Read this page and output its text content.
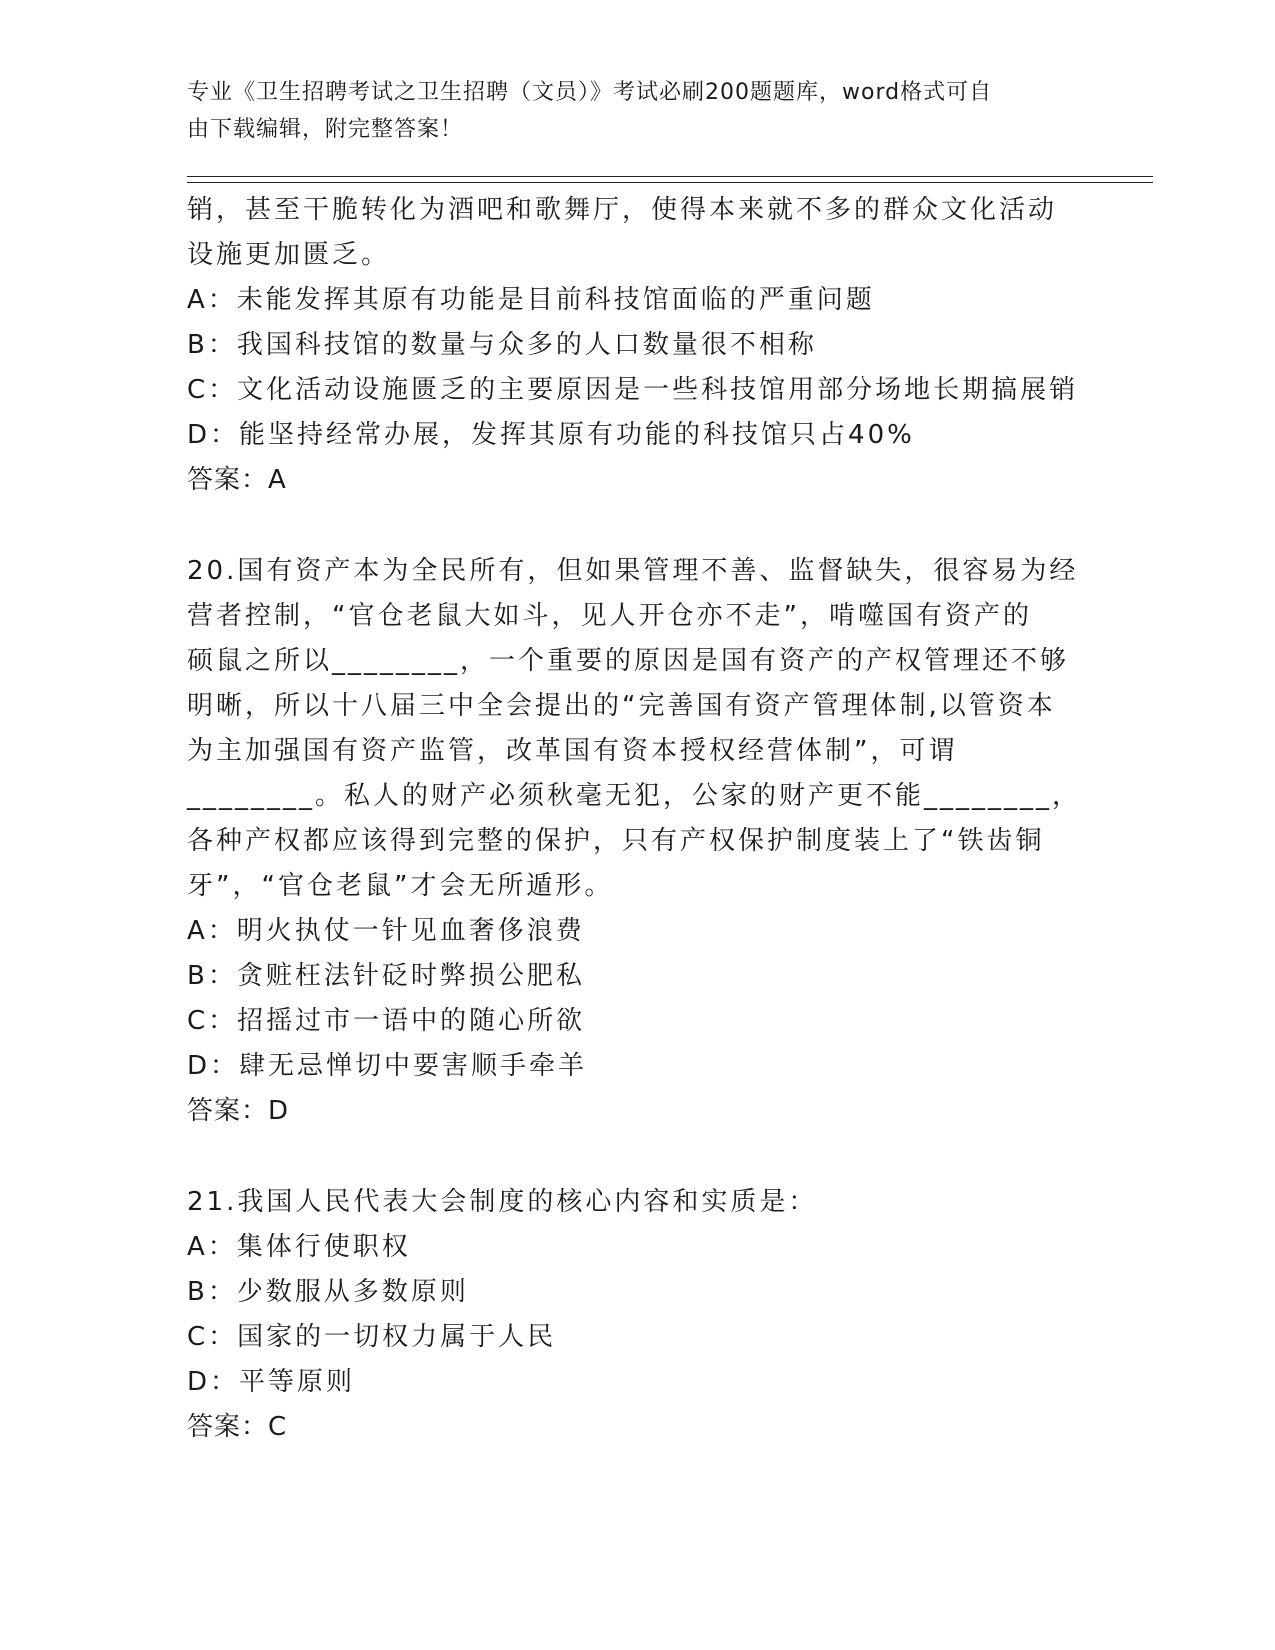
专业《卫生招聘考试之卫生招聘（文员）》考试必刷200题题库，word格式可自
由下载编辑，附完整答案！

销，甚至干脆转化为酒吧和歌舞厅，使得本来就不多的群众文化活动

设施更加匮乏。

A：未能发挥其原有功能是目前科技馆面临的严重问题

B：我国科技馆的数量与众多的人口数量很不相称

C：文化活动设施匮乏的主要原因是一些科技馆用部分场地长期搞展销

D：能坚持经常办展，发挥其原有功能的科技馆只占40%

答案：A

20.国有资产本为全民所有，但如果管理不善、监督缺失，很容易为经

营者控制，“官仓老鼠大如斗，见人开仓亦不走”，啃噬国有资产的

硕鼠之所以________，一个重要的原因是国有资产的产权管理还不够

明晰，所以十八届三中全会提出的“完善国有资产管理体制,以管资本

为主加强国有资产监管，改革国有资本授权经营体制”，可谓

________。私人的财产必须秋毫无犯，公家的财产更不能________，

各种产权都应该得到完整的保护，只有产权保护制度装上了“铁齿铜

牙”，“官仓老鼠”才会无所遁形。

A：明火执仗一针见血奢侈浪费

B：贪赃枉法针砭时弊损公肥私

C：招摇过市一语中的随心所欲

D：肆无忌惮切中要害顺手牵羊

答案：D

21.我国人民代表大会制度的核心内容和实质是：

A：集体行使职权

B：少数服从多数原则

C：国家的一切权力属于人民

D：平等原则

答案：C
